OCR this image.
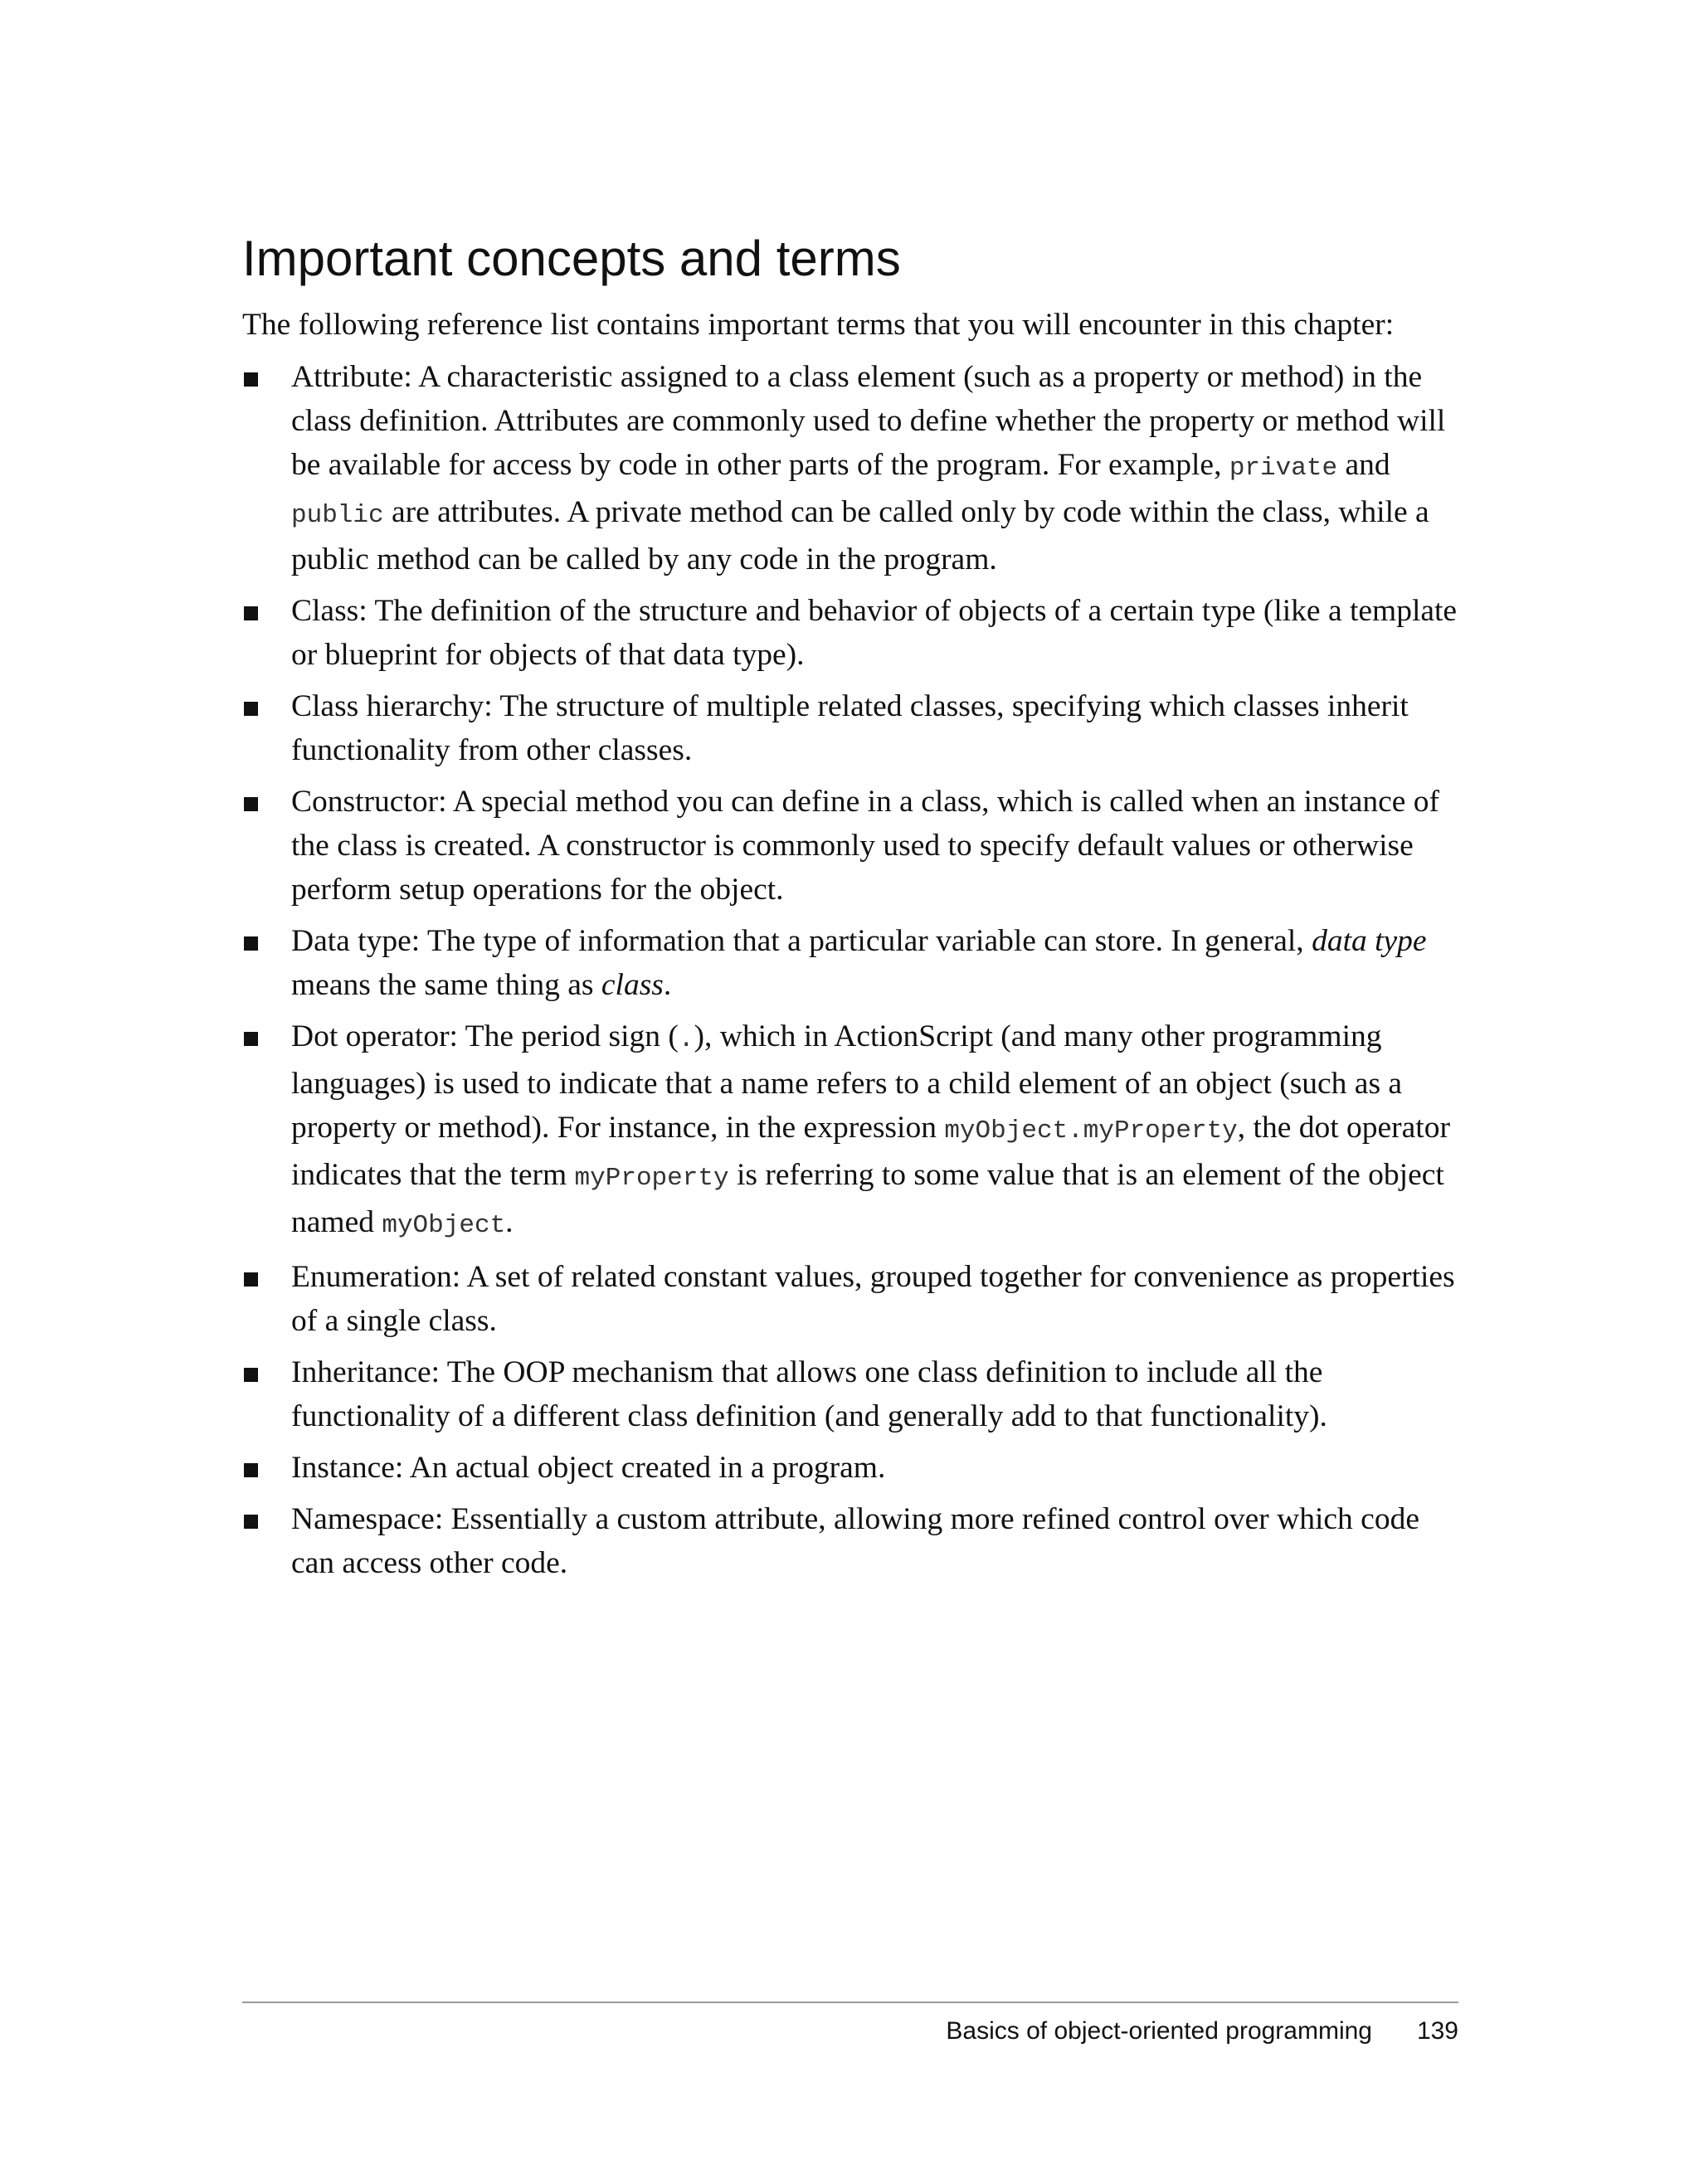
Important concepts and terms

The following reference list contains important terms that you will encounter in this chapter:

Attribute: A characteristic assigned to a class element (such as a property or method) in the class definition. Attributes are commonly used to define whether the property or method will be available for access by code in other parts of the program. For example, private and public are attributes. A private method can be called only by code within the class, while a public method can be called by any code in the program.
Class: The definition of the structure and behavior of objects of a certain type (like a template or blueprint for objects of that data type).
Class hierarchy: The structure of multiple related classes, specifying which classes inherit functionality from other classes.
Constructor: A special method you can define in a class, which is called when an instance of the class is created. A constructor is commonly used to specify default values or otherwise perform setup operations for the object.
Data type: The type of information that a particular variable can store. In general, data type means the same thing as class.
Dot operator: The period sign (.), which in ActionScript (and many other programming languages) is used to indicate that a name refers to a child element of an object (such as a property or method). For instance, in the expression myObject.myProperty, the dot operator indicates that the term myProperty is referring to some value that is an element of the object named myObject.
Enumeration: A set of related constant values, grouped together for convenience as properties of a single class.
Inheritance: The OOP mechanism that allows one class definition to include all the functionality of a different class definition (and generally add to that functionality).
Instance: An actual object created in a program.
Namespace: Essentially a custom attribute, allowing more refined control over which code can access other code.
Basics of object-oriented programming 139
